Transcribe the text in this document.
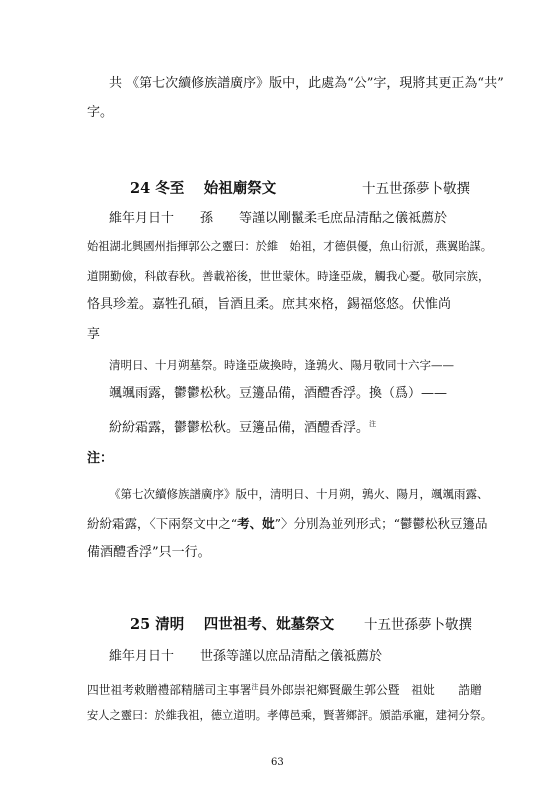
共 《第七次續修族譜廣序》版中，此處為“公”字，現將其更正為“共”
字。
24 冬至　 始祖廟祭文	十五世孫夢卜敬撰
維年月日十　　孫　　等謹以剛鬣柔毛庶品清酤之儀祗薦於
始祖湖北興國州指揮郭公之靈曰：於維　始祖，才德俱優，魚山衍派，燕翼貽謀。
道開勤儉，科啟春秋。善載裕後，世世蒙休。時逢亞歲，觸我心憂。敬同宗族，
恪具珍羞。嘉牲孔碩，旨酒且柔。庶其來格，錫福悠悠。伏惟尚
享
清明日、十月朔墓祭。時逢亞歲換時，逢鶉火、陽月敬同十六字——
颯颯雨露，鬱鬱松秋。豆籩品備，酒醴香浮。換（爲）——
紛紛霜露，鬱鬱松秋。豆籩品備，酒醴香浮。$^注$
注：
《第七次續修族譜廣序》版中，清明日、十月朔，鶉火、陽月，颯颯雨露、
紛紛霜露，〈下兩祭文中之“考、妣”〉分別為並列形式；“鬱鬱松秋豆籩品
備酒醴香浮”只一行。
25 清明　 四世祖考、妣墓祭文 十五世孫夢卜敬撰
維年月日十　　世孫等謹以庶品清酤之儀祗薦於
四世祖考敕贈禮部精膳司主事署$^注$員外郎崇祀鄉賢嚴生郭公暨　祖妣　　誥贈
安人之靈曰：於維我祖，德立道明。孝傳邑乘，賢著鄉評。頒誥承寵，建祠分祭。
63
